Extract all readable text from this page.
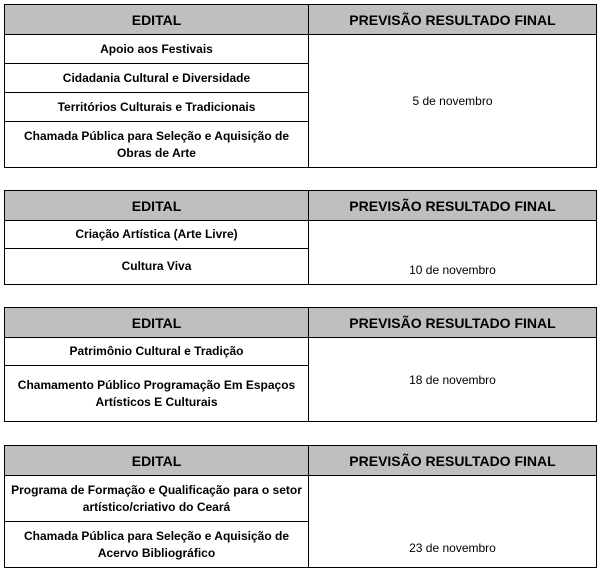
EDITAL	PREVISÃO RESULTADO FINAL
Apoio aos Festivais	5 de novembro
Cidadania Cultural e Diversidade	
Territórios Culturais e Tradicionais	
Chamada Pública para Seleção e Aquisição de Obras de Arte	
EDITAL	PREVISÃO RESULTADO FINAL
Criação Artística (Arte Livre)	10 de novembro
Cultura Viva	
EDITAL	PREVISÃO RESULTADO FINAL
Patrimônio Cultural e Tradição	18 de novembro
Chamamento Público Programação Em Espaços Artísticos E Culturais	
EDITAL	PREVISÃO RESULTADO FINAL
Programa de Formação e Qualificação para o setor artístico/criativo do Ceará	23 de novembro
Chamada Pública para Seleção e Aquisição de Acervo Bibliográfico	
